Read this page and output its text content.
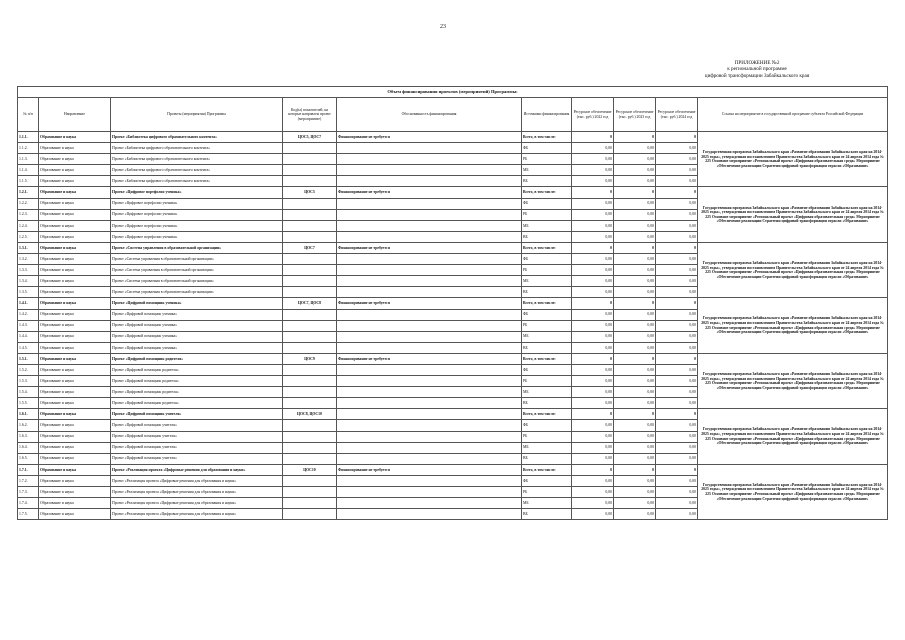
23
ПРИЛОЖЕНИЕ №2
к региональной программе
цифровой трансформации Забайкальского края
Объем финансирования проектов (мероприятий) Программы:									
№ п/п	Направление	Проекты (мероприятия) Программы	Код(ы) показателей, на которые направлен проект (мероприятие)	Обоснованность финансирования	Источники финансирования	Ресурсное обеспечение (тыс. руб.) 2022 год	Ресурсное обеспечение (тыс. руб.) 2023 год	Ресурсное обеспечение (тыс. руб.) 2024 год	Ссылка на мероприятие в государственной программе субъекта Российской Федерации
1.1.1.	Образование и наука	Проект «Библиотека цифрового образовательного контента»	ЦОС5, ЦОС7	Финансирование не требуется	Всего, в том числе:	0	0	0	Государственная программа Забайкальского края «Развитие образования Забайкальского края на 2014-2025 годы», утвержденная постановлением Правительства Забайкальского края от 24 апреля 2014 года № 225 Основное мероприятие «Региональный проект «Цифровая образовательная среда» Мероприятие «Обеспечение реализации Стратегии цифровой трансформации отрасли «Образование»
1.1.2.	Образование и наука	Проект «Библиотека цифрового образовательного контента»			ФБ	0,00	0,00	0,00	
1.1.3.	Образование и наука	Проект «Библиотека цифрового образовательного контента»			РБ	0,00	0,00	0,00	
1.1.4.	Образование и наука	Проект «Библиотека цифрового образовательного контента»			МБ	0,00	0,00	0,00	
1.1.5.	Образование и наука	Проект «Библиотека цифрового образовательного контента»			ВБ	0,00	0,00	0,00	
1.2.1.	Образование и наука	Проект «Цифровое портфолио ученика»	ЦОС5	Финансирование не требуется	Всего, в том числе:	0	0	0	Государственная программа Забайкальского края «Развитие образования Забайкальского края на 2014-2025 годы», утвержденная постановлением Правительства Забайкальского края от 24 апреля 2014 года № 225 Основное мероприятие «Региональный проект «Цифровая образовательная среда» Мероприятие «Обеспечение реализации Стратегии цифровой трансформации отрасли «Образование»
1.2.2.	Образование и наука	Проект «Цифровое портфолио ученика»			ФБ	0,00	0,00	0,00	
1.2.3.	Образование и наука	Проект «Цифровое портфолио ученика»			РБ	0,00	0,00	0,00	
1.2.4.	Образование и наука	Проект «Цифровое портфолио ученика»			МБ	0,00	0,00	0,00	
1.2.5.	Образование и наука	Проект «Цифровое портфолио ученика»			ВБ	0,00	0,00	0,00	
1.3.1.	Образование и наука	Проект «Система управления в образовательной организации»	ЦОС7	Финансирование не требуется	Всего, в том числе:	0	0	0	Государственная программа Забайкальского края «Развитие образования Забайкальского края на 2014-2025 годы», утвержденная постановлением Правительства Забайкальского края от 24 апреля 2014 года № 225 Основное мероприятие «Региональный проект «Цифровая образовательная среда» Мероприятие «Обеспечение реализации Стратегии цифровой трансформации отрасли «Образование»
1.3.2.	Образование и наука	Проект «Система управления в образовательной организации»			ФБ	0,00	0,00	0,00	
1.3.3.	Образование и наука	Проект «Система управления в образовательной организации»			РБ	0,00	0,00	0,00	
1.3.4.	Образование и наука	Проект «Система управления в образовательной организации»			МБ	0,00	0,00	0,00	
1.3.5.	Образование и наука	Проект «Система управления в образовательной организации»			ВБ	0,00	0,00	0,00	
1.4.1.	Образование и наука	Проект «Цифровой помощник ученика»	ЦОС7, ЦОС8	Финансирование не требуется	Всего, в том числе:	0	0	0	Государственная программа Забайкальского края «Развитие образования Забайкальского края на 2014-2025 годы», утвержденная постановлением Правительства Забайкальского края от 24 апреля 2014 года № 225 Основное мероприятие «Региональный проект «Цифровая образовательная среда» Мероприятие «Обеспечение реализации Стратегии цифровой трансформации отрасли «Образование»
1.4.2.	Образование и наука	Проект «Цифровой помощник ученика»			ФБ	0,00	0,00	0,00	
1.4.3.	Образование и наука	Проект «Цифровой помощник ученика»			РБ	0,00	0,00	0,00	
1.4.4.	Образование и наука	Проект «Цифровой помощник ученика»			МБ	0,00	0,00	0,00	
1.4.5.	Образование и наука	Проект «Цифровой помощник ученика»			ВБ	0,00	0,00	0,00	
1.5.1.	Образование и наука	Проект «Цифровой помощник родителя»	ЦОС9	Финансирование не требуется	Всего, в том числе:	0	0	0	Государственная программа Забайкальского края «Развитие образования Забайкальского края на 2014-2025 годы», утвержденная постановлением Правительства Забайкальского края от 24 апреля 2014 года № 225 Основное мероприятие «Региональный проект «Цифровая образовательная среда» Мероприятие «Обеспечение реализации Стратегии цифровой трансформации отрасли «Образование»
1.5.2.	Образование и наука	Проект «Цифровой помощник родителя»			ФБ	0,00	0,00	0,00	
1.5.3.	Образование и наука	Проект «Цифровой помощник родителя»			РБ	0,00	0,00	0,00	
1.5.4.	Образование и наука	Проект «Цифровой помощник родителя»			МБ	0,00	0,00	0,00	
1.5.5.	Образование и наука	Проект «Цифровой помощник родителя»			ВБ	0,00	0,00	0,00	
1.6.1.	Образование и наука	Проект «Цифровой помощник учителя»	ЦОС8, ЦОС10		Всего, в том числе:	0	0	0	Государственная программа Забайкальского края «Развитие образования Забайкальского края на 2014-2025 годы», утвержденная постановлением Правительства Забайкальского края от 24 апреля 2014 года № 225 Основное мероприятие «Региональный проект «Цифровая образовательная среда» Мероприятие «Обеспечение реализации Стратегии цифровой трансформации отрасли «Образование»
1.6.2.	Образование и наука	Проект «Цифровой помощник учителя»			ФБ	0,00	0,00	0,00	
1.6.3.	Образование и наука	Проект «Цифровой помощник учителя»			РБ	0,00	0,00	0,00	
1.6.4.	Образование и наука	Проект «Цифровой помощник учителя»			МБ	0,00	0,00	0,00	
1.6.5.	Образование и наука	Проект «Цифровой помощник учителя»			ВБ	0,00	0,00	0,00	
1.7.1.	Образование и наука	Проект «Реализация проекта «Цифровые решения для образования и науки»	ЦОС10	Финансирование не требуется	Всего, в том числе:	0	0	0	Государственная программа Забайкальского края «Развитие образования Забайкальского края на 2014-2025 годы», утвержденная постановлением Правительства Забайкальского края от 24 апреля 2014 года № 225 Основное мероприятие «Региональный проект «Цифровая образовательная среда» Мероприятие «Обеспечение реализации Стратегии цифровой трансформации отрасли «Образование»
1.7.2.	Образование и наука	Проект «Реализация проекта «Цифровые решения для образования и науки»			ФБ	0,00	0,00	0,00	
1.7.3.	Образование и наука	Проект «Реализация проекта «Цифровые решения для образования и науки»			РБ	0,00	0,00	0,00	
1.7.4.	Образование и наука	Проект «Реализация проекта «Цифровые решения для образования и науки»			МБ	0,00	0,00	0,00	
1.7.5.	Образование и наука	Проект «Реализация проекта «Цифровые решения для образования и науки»			ВБ	0,00	0,00	0,00	
